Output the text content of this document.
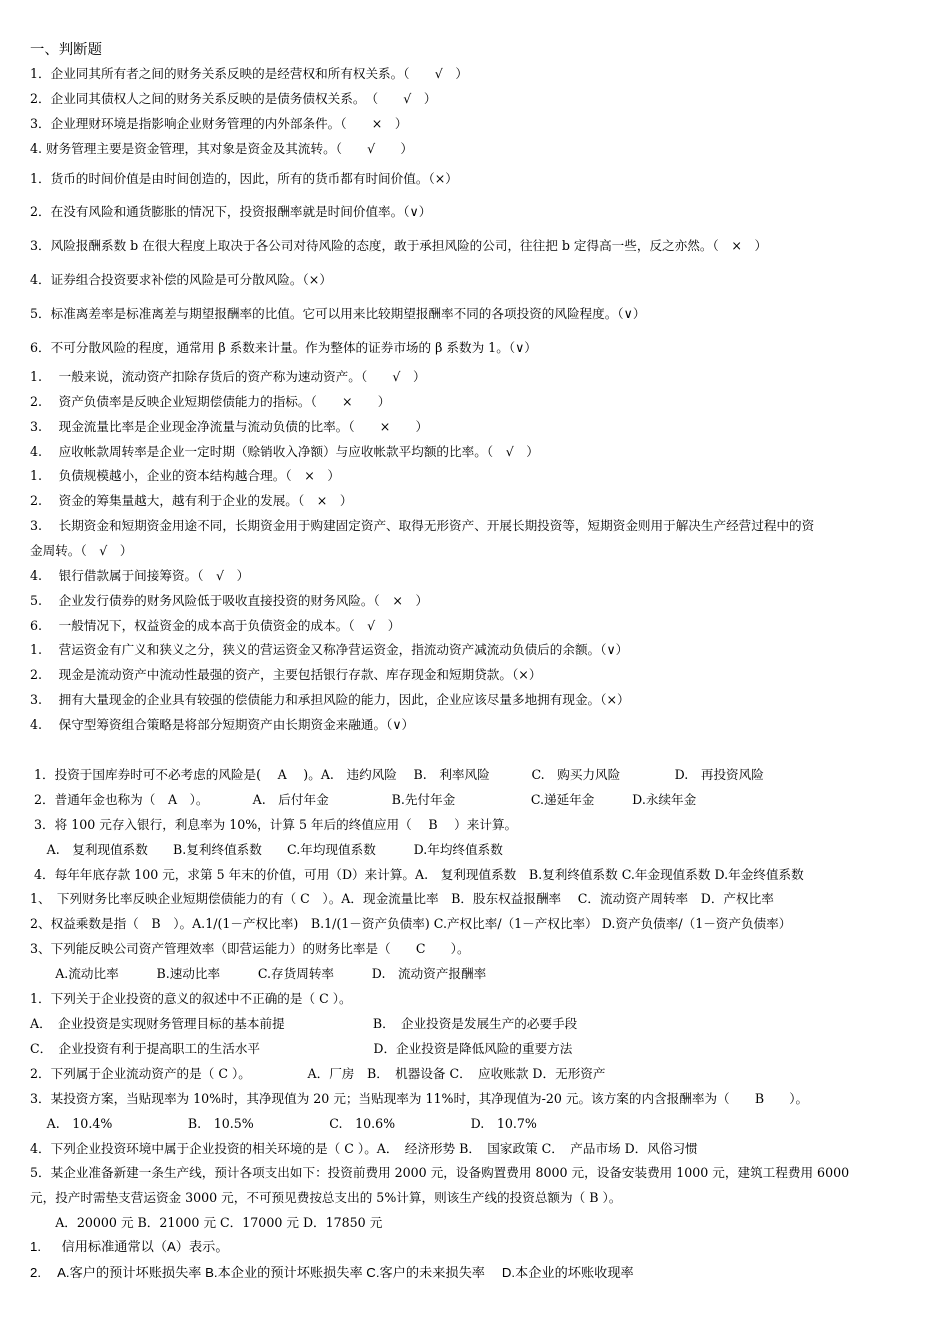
一、判断题
1．企业同其所有者之间的财务关系反映的是经营权和所有权关系。（　　√　）
2．企业同其债权人之间的财务关系反映的是债务债权关系。　（　　√　）
3．企业理财环境是指影响企业财务管理的内外部条件。（　　×　）
4. 财务管理主要是资金管理，其对象是资金及其流转。（　　√　　）
1．货币的时间价值是由时间创造的，因此，所有的货币都有时间价值。（×）
2．在没有风险和通货膨胀的情况下，投资报酬率就是时间价值率。（∨）
3．风险报酬系数 b 在很大程度上取决于各公司对待风险的态度，敢于承担风险的公司，往往把 b 定得高一些，反之亦然。（　×　）
4．证券组合投资要求补偿的风险是可分散风险。（×）
5．标准离差率是标准离差与期望报酬率的比值。它可以用来比较期望报酬率不同的各项投资的风险程度。（∨）
6．不可分散风险的程度，通常用 β 系数来计量。作为整体的证券市场的 β 系数为 1。（∨）
1.　 一般来说，流动资产扣除存货后的资产称为速动资产。（　　√　）
2.　 资产负债率是反映企业短期偿债能力的指标。（　　×　　）
3.　 现金流量比率是企业现金净流量与流动负债的比率。（　　×　　）
4.　 应收帐款周转率是企业一定时期（赊销收入净额）与应收帐款平均额的比率。（　√　）
1.　 负债规模越小，企业的资本结构越合理。（　×　）
2.　 资金的筹集量越大，越有利于企业的发展。（　×　）
3.　 长期资金和短期资金用途不同，长期资金用于购建固定资产、取得无形资产、开展长期投资等，短期资金则用于解决生产经营过程中的资
金周转。（　√　）
4.　 银行借款属于间接筹资。（　√　）
5.　 企业发行债券的财务风险低于吸收直接投资的财务风险。（　×　）
6.　 一般情况下，权益资金的成本高于负债资金的成本。（　√　）
1.　 营运资金有广义和狭义之分，狭义的营运资金又称净营运资金，指流动资产减流动负债后的余额。（∨）
2.　 现金是流动资产中流动性最强的资产，主要包括银行存款、库存现金和短期贷款。（×）
3.　 拥有大量现金的企业具有较强的偿债能力和承担风险的能力，因此，企业应该尽量多地拥有现金。（×）
4.　 保守型筹资组合策略是将部分短期资产由长期资金来融通。（∨）
1．投资于国库券时可不必考虑的风险是(　 A　 )。A.　违约风险　 B.　利率风险　　　 C.　购买力风险　　　　 D.　再投资风险
2．普通年金也称为（　A　）。　　　　A.　后付年金　　　　　B.先付年金　　　　　　C.递延年金　　　D.永续年金
3．将 100 元存入银行，利息率为 10%，计算 5 年后的终值应用（　 B　 ）来计算。
　 A.　复利现值系数　　B.复利终值系数　　C.年均现值系数　　　D.年均终值系数
4．每年年底存款 100 元，求第 5 年末的价值，可用（D）来计算。A.　复利现值系数　B.复利终值系数 C.年金现值系数 D.年金终值系数
1、　下列财务比率反映企业短期偿债能力的有（ C　）。A．现金流量比率　B．股东权益报酬率　 C．流动资产周转率　D．产权比率
2、权益乘数是指（　B　）。A.1/(1－产权比率)　B.1/(1－资产负债率) C.产权比率/（1－产权比率） D.资产负债率/（1－资产负债率）
3、下列能反映公司资产管理效率（即营运能力）的财务比率是（　　C　　）。
　　A.流动比率　　　B.速动比率　　　C.存货周转率　　　D.　流动资产报酬率
1．下列关于企业投资的意义的叙述中不正确的是（ C ）。
A．　企业投资是实现财务管理目标的基本前提　　　　　　　B．　企业投资是发展生产的必要手段
C．　企业投资有利于提高职工的生活水平　　　　　　　　　D．企业投资是降低风险的重要方法
2．下列属于企业流动资产的是（ C ）。　　　　　A．厂房　B．　机器设备 C．　应收账款 D．无形资产
3．某投资方案，当贴现率为 10%时，其净现值为 20 元；当贴现率为 11%时，其净现值为-20 元。该方案的内含报酬率为（　　B　　）。
　 A.　10.4%　　　　　　B.　10.5%　　　　　　C.　10.6%　　　　　　D.　10.7%
4．下列企业投资环境中属于企业投资的相关环境的是（ C ）。A．　经济形势 B．　国家政策 C．　产品市场 D．风俗习惯
5．某企业准备新建一条生产线，预计各项支出如下：投资前费用 2000 元，设备购置费用 8000 元，设备安装费用 1000 元，建筑工程费用 6000
元，投产时需垫支营运资金 3000 元，不可预见费按总支出的 5%计算，则该生产线的投资总额为（ B ）。
　　A．20000 元 B．21000 元 C．17000 元 D．17850 元
1.　  信用标准通常以（A）表示。
2.　 A.客户的预计坏账损失率 B.本企业的预计坏账损失率 C.客户的未来损失率　 D.本企业的坏账收现率
